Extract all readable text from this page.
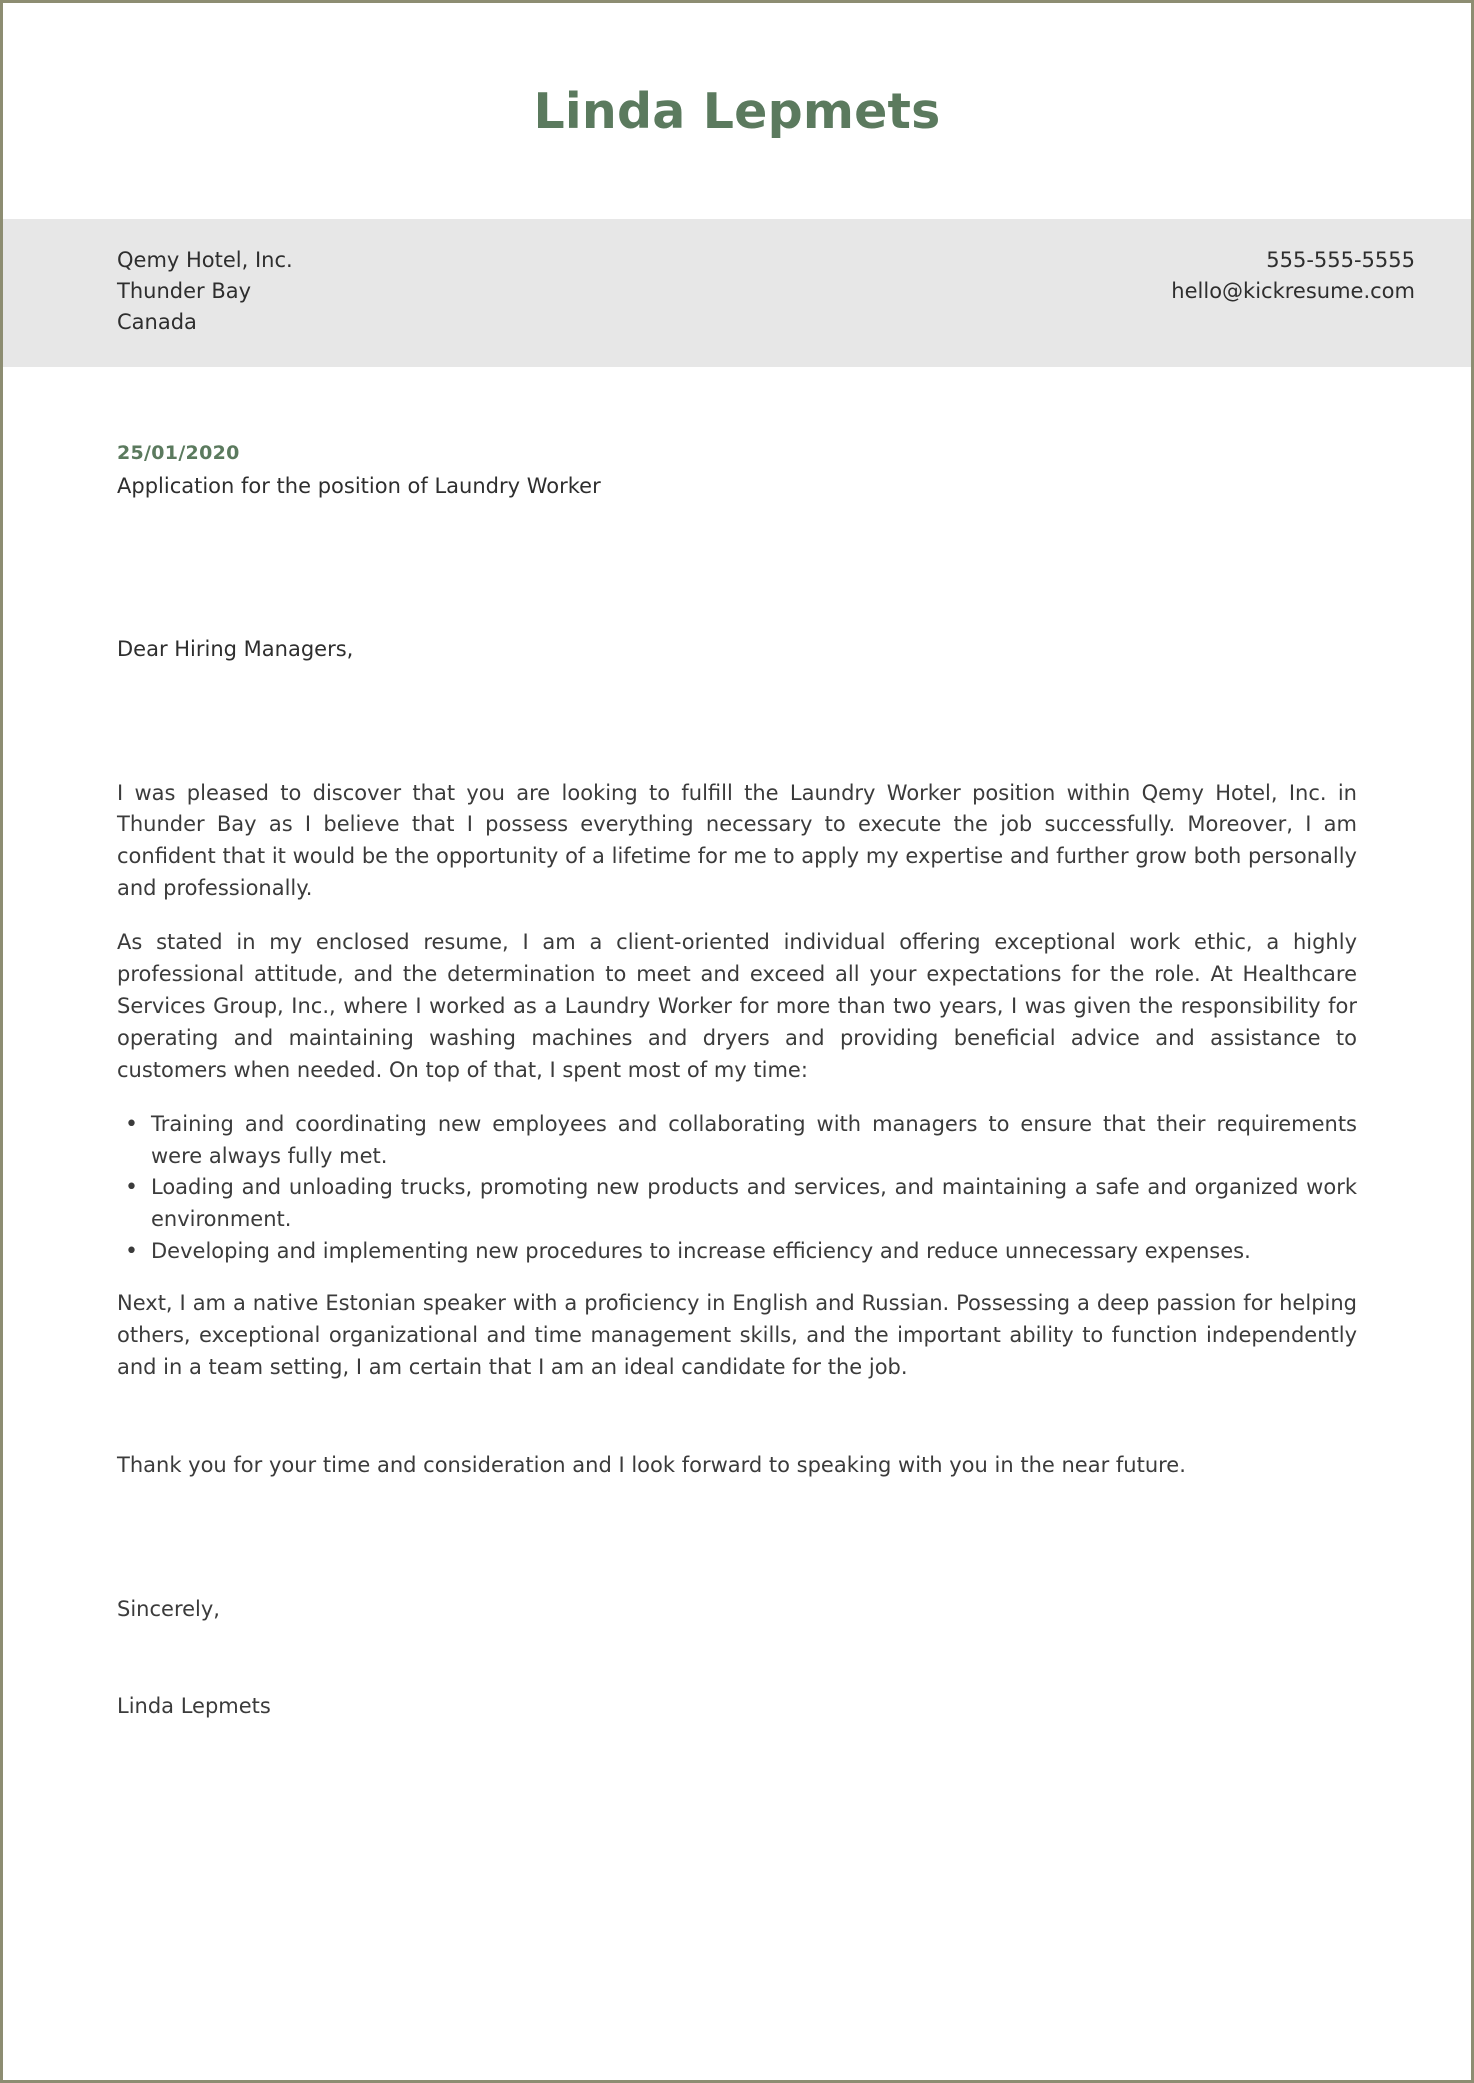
Linda Lepmets
Qemy Hotel, Inc.
Thunder Bay
Canada
555-555-5555
hello@kickresume.com
25/01/2020
Application for the position of Laundry Worker
Dear Hiring Managers,

I was pleased to discover that you are looking to fulfill the Laundry Worker position within Qemy Hotel, Inc. in Thunder Bay as I believe that I possess everything necessary to execute the job successfully. Moreover, I am confident that it would be the opportunity of a lifetime for me to apply my expertise and further grow both personally and professionally.

As stated in my enclosed resume, I am a client-oriented individual offering exceptional work ethic, a highly professional attitude, and the determination to meet and exceed all your expectations for the role. At Healthcare Services Group, Inc., where I worked as a Laundry Worker for more than two years, I was given the responsibility for operating and maintaining washing machines and dryers and providing beneficial advice and assistance to customers when needed. On top of that, I spent most of my time:

• Training and coordinating new employees and collaborating with managers to ensure that their requirements were always fully met.
• Loading and unloading trucks, promoting new products and services, and maintaining a safe and organized work environment.
• Developing and implementing new procedures to increase efficiency and reduce unnecessary expenses.

Next, I am a native Estonian speaker with a proficiency in English and Russian. Possessing a deep passion for helping others, exceptional organizational and time management skills, and the important ability to function independently and in a team setting, I am certain that I am an ideal candidate for the job.

Thank you for your time and consideration and I look forward to speaking with you in the near future.

Sincerely,
Linda Lepmets
